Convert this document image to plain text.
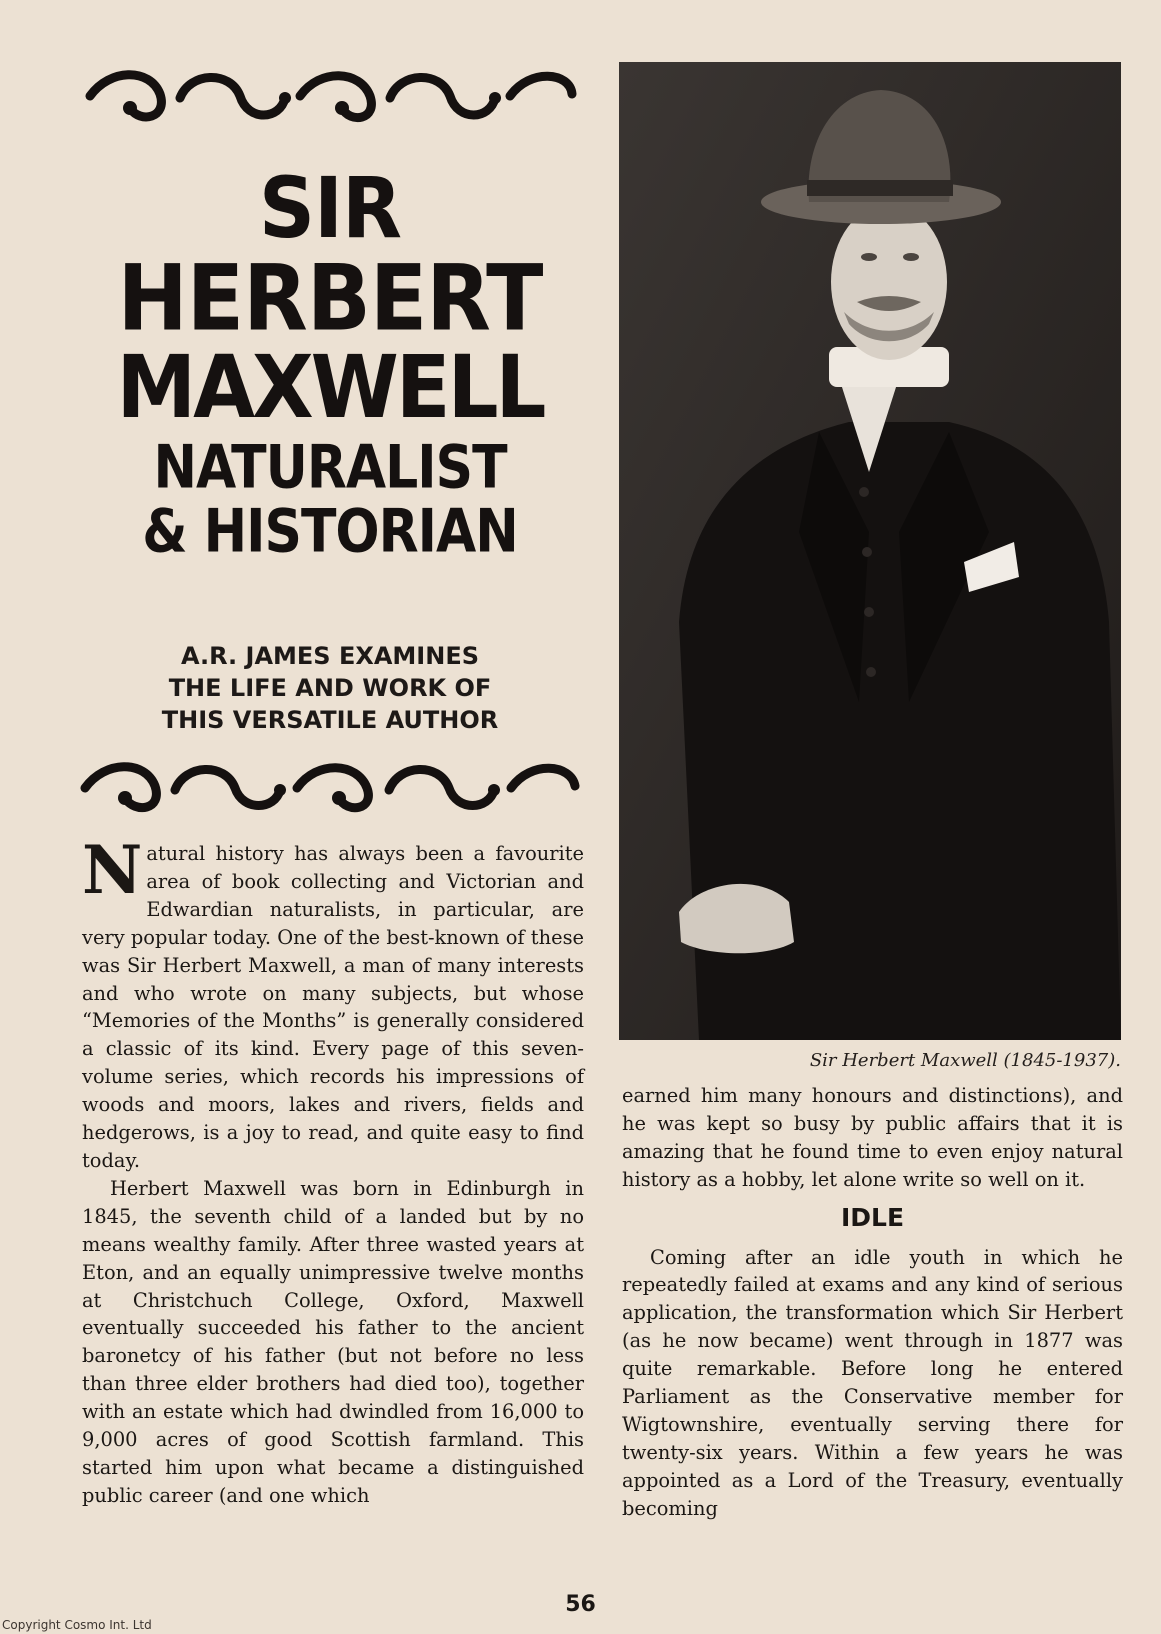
SIR
HERBERT
MAXWELL
NATURALIST
& HISTORIAN
A.R. JAMES EXAMINES
THE LIFE AND WORK OF
THIS VERSATILE AUTHOR
Sir Herbert Maxwell (1845-1937).

Natural history has always been a favourite area of book collecting and Victorian and Edwardian naturalists, in particular, are very popular today. One of the best-known of these was Sir Herbert Maxwell, a man of many interests and who wrote on many subjects, but whose “Memories of the Months” is generally considered a classic of its kind. Every page of this seven-volume series, which records his impressions of woods and moors, lakes and rivers, fields and hedgerows, is a joy to read, and quite easy to find today.

Herbert Maxwell was born in Edinburgh in 1845, the seventh child of a landed but by no means wealthy family. After three wasted years at Eton, and an equally unimpressive twelve months at Christchuch College, Oxford, Maxwell eventually succeeded his father to the ancient baronetcy of his father (but not before no less than three elder brothers had died too), together with an estate which had dwindled from 16,000 to 9,000 acres of good Scottish farmland. This started him upon what became a distinguished public career (and one which

earned him many honours and distinctions), and he was kept so busy by public affairs that it is amazing that he found time to even enjoy natural history as a hobby, let alone write so well on it.

IDLE

Coming after an idle youth in which he repeatedly failed at exams and any kind of serious application, the transformation which Sir Herbert (as he now became) went through in 1877 was quite remarkable. Before long he entered Parliament as the Conservative member for Wigtownshire, eventually serving there for twenty-six years. Within a few years he was appointed as a Lord of the Treasury, eventually becoming

56
Copyright Cosmo Int. Ltd
